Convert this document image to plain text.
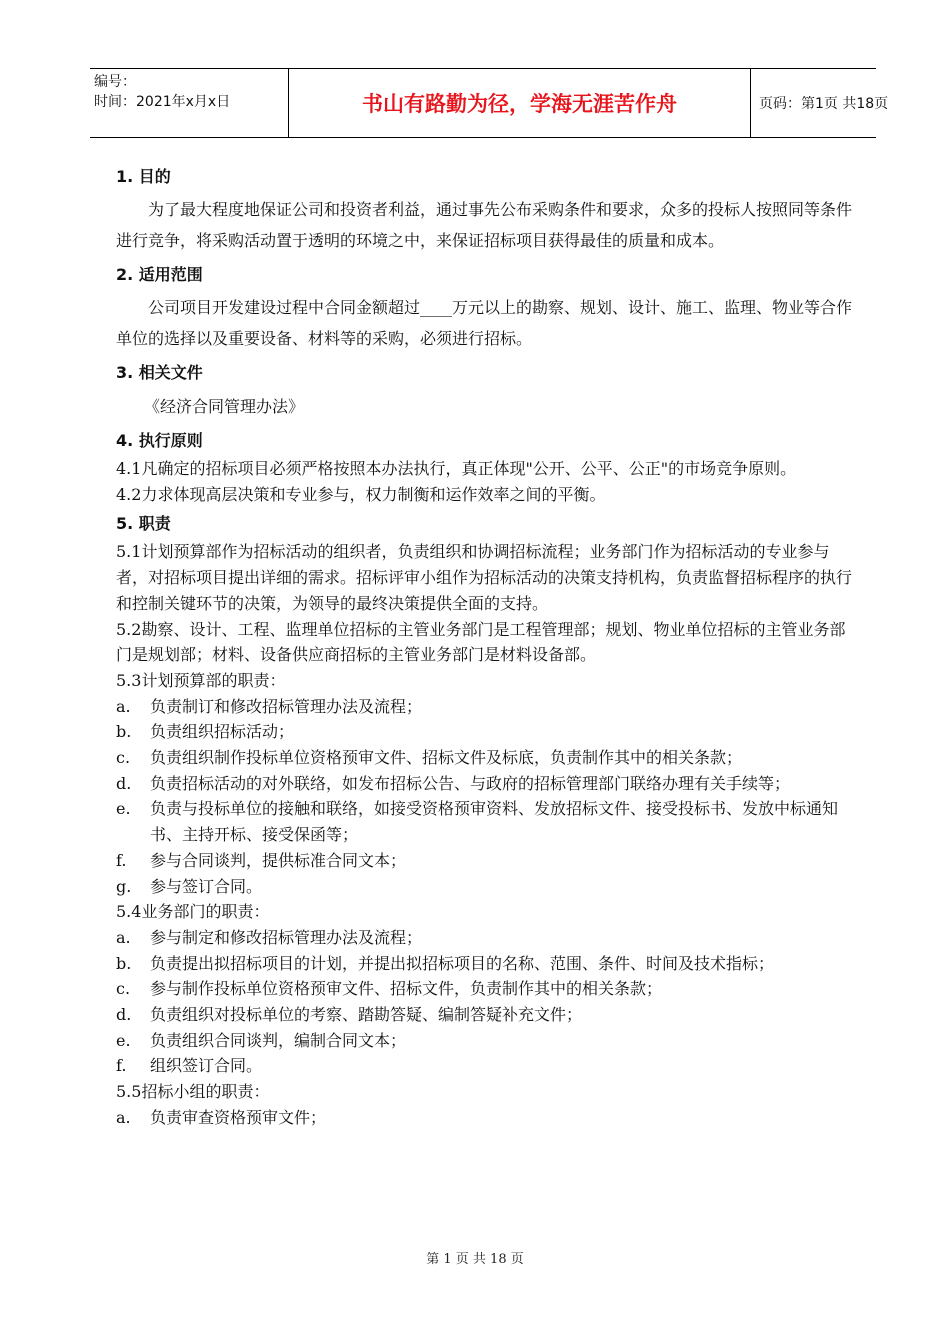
编号：
时间：2021年x月x日	书山有路勤为径，学海无涯苦作舟	页码：第1页 共18页
1. 目的
为了最大程度地保证公司和投资者利益，通过事先公布采购条件和要求，众多的投标人按照同等条件进行竞争，将采购活动置于透明的环境之中，来保证招标项目获得最佳的质量和成本。
2. 适用范围
公司项目开发建设过程中合同金额超过____万元以上的勘察、规划、设计、施工、监理、物业等合作单位的选择以及重要设备、材料等的采购，必须进行招标。
3. 相关文件
《经济合同管理办法》
4. 执行原则
4.1凡确定的招标项目必须严格按照本办法执行，真正体现"公开、公平、公正"的市场竞争原则。
4.2力求体现高层决策和专业参与，权力制衡和运作效率之间的平衡。
5. 职责
5.1计划预算部作为招标活动的组织者，负责组织和协调招标流程；业务部门作为招标活动的专业参与者，对招标项目提出详细的需求。招标评审小组作为招标活动的决策支持机构，负责监督招标程序的执行和控制关键环节的决策，为领导的最终决策提供全面的支持。
5.2勘察、设计、工程、监理单位招标的主管业务部门是工程管理部；规划、物业单位招标的主管业务部门是规划部；材料、设备供应商招标的主管业务部门是材料设备部。
5.3计划预算部的职责：
a.	负责制订和修改招标管理办法及流程；
b.	负责组织招标活动；
c.	负责组织制作投标单位资格预审文件、招标文件及标底，负责制作其中的相关条款；
d.	负责招标活动的对外联络，如发布招标公告、与政府的招标管理部门联络办理有关手续等；
e.	负责与投标单位的接触和联络，如接受资格预审资料、发放招标文件、接受投标书、发放中标通知书、主持开标、接受保函等；
f.	参与合同谈判，提供标准合同文本；
g.	参与签订合同。
5.4业务部门的职责：
a.	参与制定和修改招标管理办法及流程；
b.	负责提出拟招标项目的计划，并提出拟招标项目的名称、范围、条件、时间及技术指标；
c.	参与制作投标单位资格预审文件、招标文件，负责制作其中的相关条款；
d.	负责组织对投标单位的考察、踏勘答疑、编制答疑补充文件；
e.	负责组织合同谈判，编制合同文本；
f.	组织签订合同。
5.5招标小组的职责：
a.	负责审查资格预审文件；
第 1 页 共 18 页
